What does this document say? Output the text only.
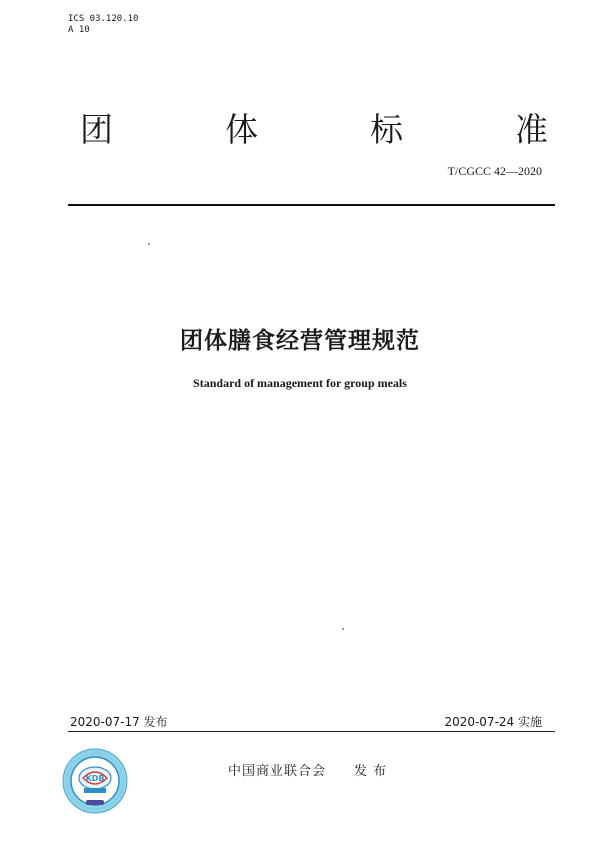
ICS 03.120.10
A 10
团	体	标	准
T/CGCC 42—2020
团体膳食经营管理规范
Standard of management for group meals
2020-07-17 发布	2020-07-24 实施
KDB	中国商业联合会 发 布
